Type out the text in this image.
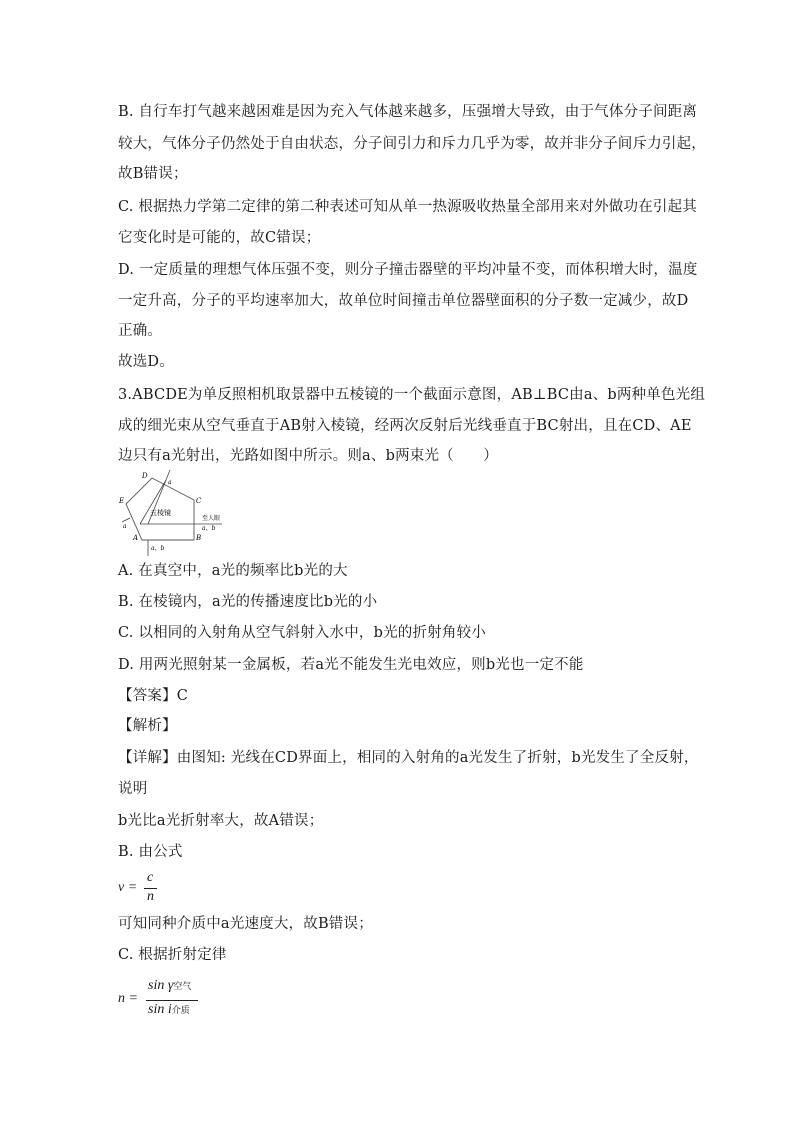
B. 自行车打气越来越困难是因为充入气体越来越多，压强增大导致，由于气体分子间距离
较大，气体分子仍然处于自由状态，分子间引力和斥力几乎为零，故并非分子间斥力引起，
故B错误；
C. 根据热力学第二定律的第二种表述可知从单一热源吸收热量全部用来对外做功在引起其
它变化时是可能的，故C错误；
D. 一定质量的理想气体压强不变，则分子撞击器壁的平均冲量不变，而体积增大时，温度
一定升高，分子的平均速率加大，故单位时间撞击单位器壁面积的分子数一定减少，故D
正确。
故选D。
3.ABCDE为单反照相机取景器中五棱镜的一个截面示意图，AB⊥BC由a、b两种单色光组
成的细光束从空气垂直于AB射入棱镜，经两次反射后光线垂直于BC射出，且在CD、AE
边只有a光射出，光路如图中所示。则a、b两束光（　　）
D
E	C
A	B
a
a
a、b
a、b
五棱镜
至人眼
A. 在真空中，a光的频率比b光的大
B. 在棱镜内，a光的传播速度比b光的小
C. 以相同的入射角从空气斜射入水中，b光的折射角较小
D. 用两光照射某一金属板，若a光不能发生光电效应，则b光也一定不能
【答案】C
【解析】
【详解】由图知: 光线在CD界面上，相同的入射角的a光发生了折射，b光发生了全反射，
说明
b光比a光折射率大，故A错误；
B. 由公式
v =
c
n
可知同种介质中a光速度大，故B错误；
C. 根据折射定律
n =
sin γ空气
sin i介质
